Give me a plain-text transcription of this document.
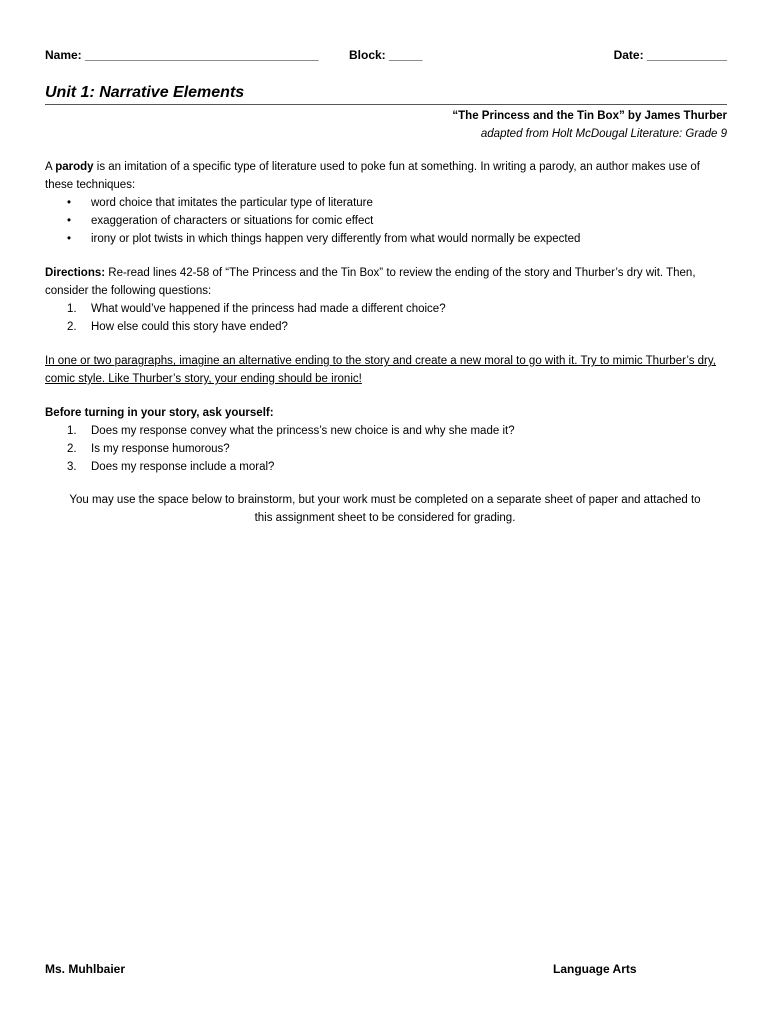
Name: ___________________________________	Block: _____	Date: ____________
Unit 1: Narrative Elements
“The Princess and the Tin Box” by James Thurber
adapted from Holt McDougal Literature: Grade 9
A parody is an imitation of a specific type of literature used to poke fun at something. In writing a parody, an author makes use of these techniques:
• word choice that imitates the particular type of literature
• exaggeration of characters or situations for comic effect
• irony or plot twists in which things happen very differently from what would normally be expected
Directions: Re-read lines 42-58 of “The Princess and the Tin Box” to review the ending of the story and Thurber’s dry wit. Then, consider the following questions:
1. What would’ve happened if the princess had made a different choice?
2. How else could this story have ended?
In one or two paragraphs, imagine an alternative ending to the story and create a new moral to go with it. Try to mimic Thurber’s dry, comic style. Like Thurber’s story, your ending should be ironic!
Before turning in your story, ask yourself:
1. Does my response convey what the princess’s new choice is and why she made it?
2. Is my response humorous?
3. Does my response include a moral?
You may use the space below to brainstorm, but your work must be completed on a separate sheet of paper and attached to this assignment sheet to be considered for grading.
Ms. Muhlbaier	Language Arts
